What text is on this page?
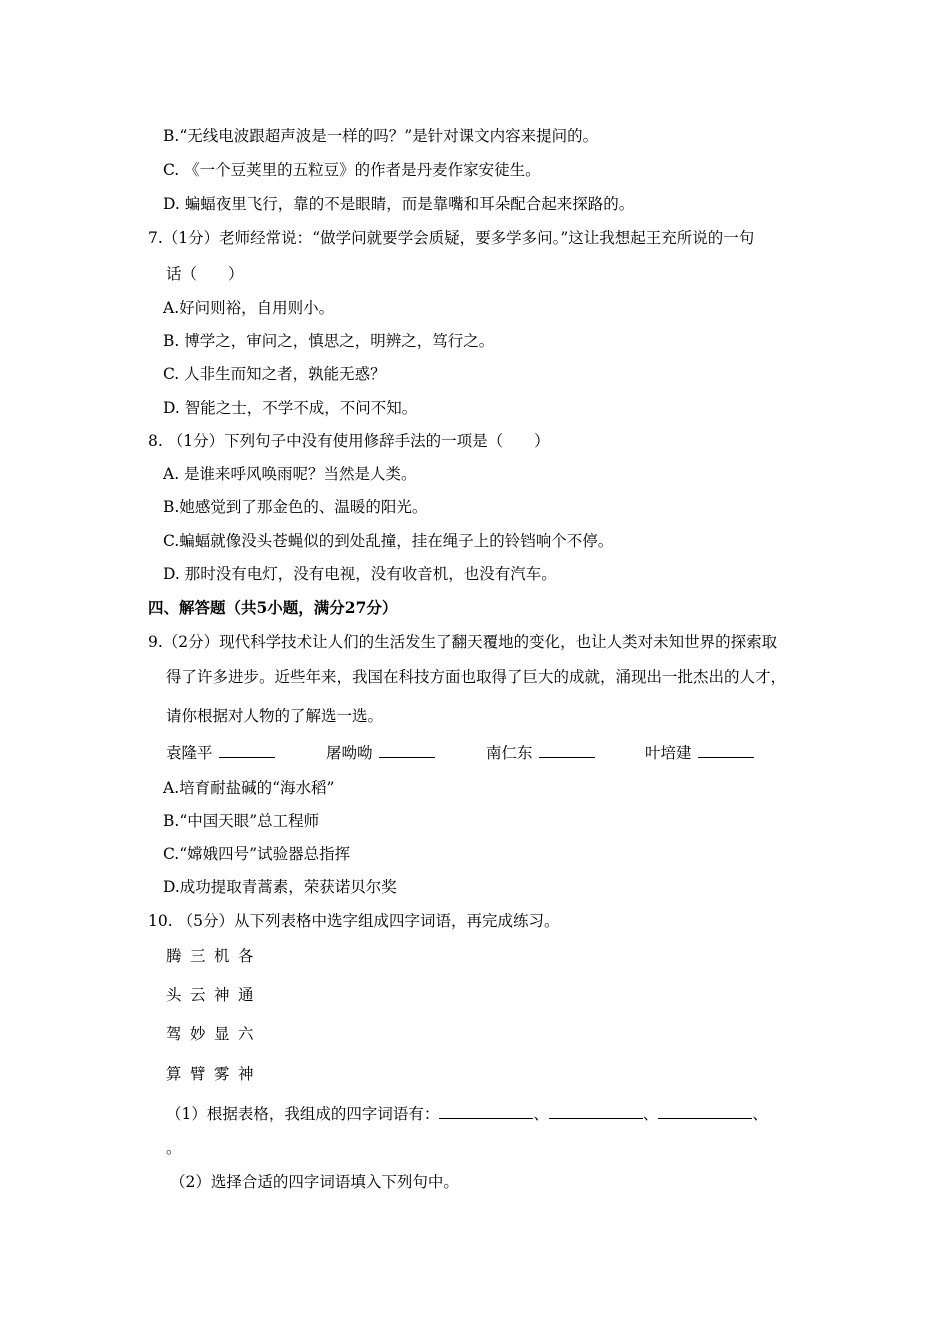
B.“无线电波跟超声波是一样的吗？”是针对课文内容来提问的。
C. 《一个豆荚里的五粒豆》的作者是丹麦作家安徒生。
D. 蝙蝠夜里飞行，靠的不是眼睛，而是靠嘴和耳朵配合起来探路的。
7.（1分）老师经常说：“做学问就要学会质疑，要多学多问。”这让我想起王充所说的一句
话（　　）
A.好问则裕，自用则小。
B. 博学之，审问之，慎思之，明辨之，笃行之。
C. 人非生而知之者，孰能无惑？
D. 智能之士，不学不成，不问不知。
8. （1分）下列句子中没有使用修辞手法的一项是（　　）
A. 是谁来呼风唤雨呢？当然是人类。
B.她感觉到了那金色的、温暖的阳光。
C.蝙蝠就像没头苍蝇似的到处乱撞，挂在绳子上的铃铛响个不停。
D. 那时没有电灯，没有电视，没有收音机，也没有汽车。
四、解答题（共5小题，满分27分）
9.（2分）现代科学技术让人们的生活发生了翻天覆地的变化，也让人类对未知世界的探索取
得了许多进步。近些年来，我国在科技方面也取得了巨大的成就，涌现出一批杰出的人才，
请你根据对人物的了解选一选。
袁隆平	屠呦呦	南仁东	叶培建
A.培育耐盐碱的“海水稻”
B.“中国天眼”总工程师
C.“嫦娥四号”试验器总指挥
D.成功提取青蒿素，荣获诺贝尔奖
10. （5分）从下列表格中选字组成四字词语，再完成练习。
腾 三 机 各
头 云 神 通
驾 妙 显 六
算 臂 雾 神
（1）根据表格，我组成的四字词语有：	、	、	、
。
（2）选择合适的四字词语填入下列句中。
